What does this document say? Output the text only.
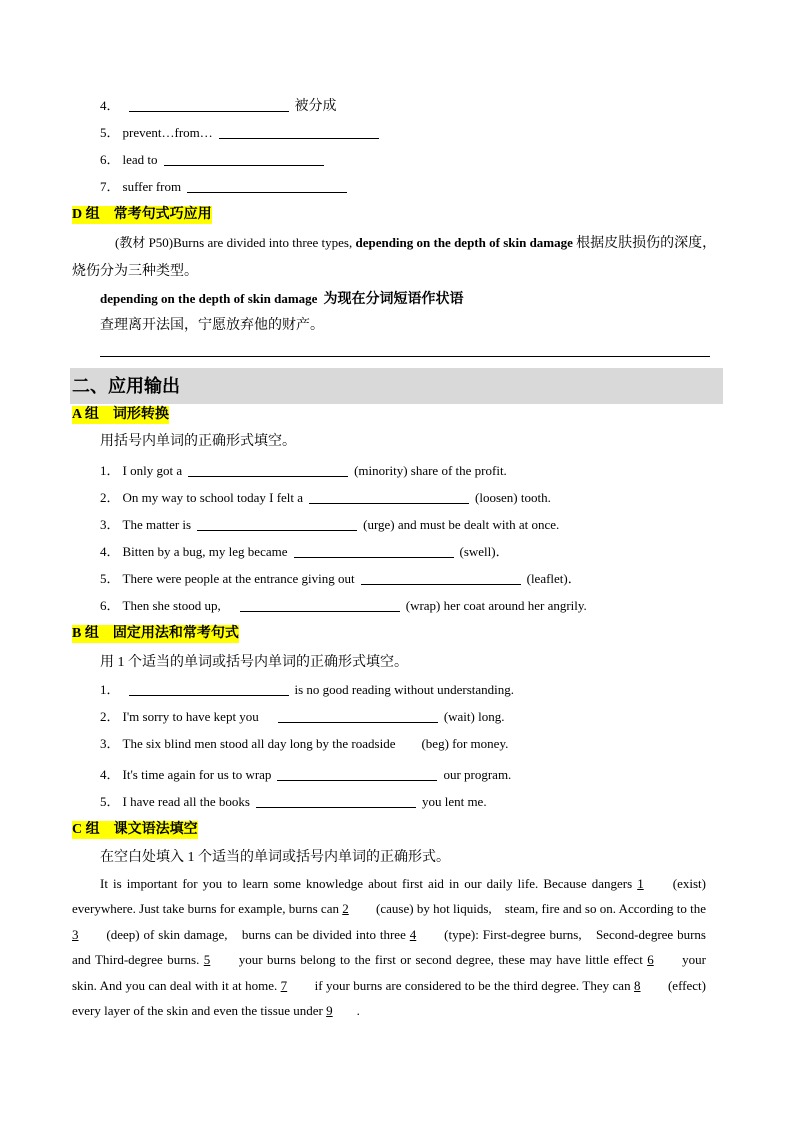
4．	被分成
5． prevent…from…
6． lead to
7． suffer from
D 组　常考句式巧应用

(教材 P50)Burns are divided into three types, depending on the depth of skin damage 根据皮肤损伤的深度，烧伤分为三种类型。

depending on the depth of skin damage 为现在分词短语作状语
查理离开法国，宁愿放弃他的财产。
二、应用输出
A 组　词形转换
用括号内单词的正确形式填空。
1． I only got a	(minority) share of the profit.
2． On my way to school today I felt a	(loosen) tooth.
3． The matter is	(urge) and must be dealt with at once.
4． Bitten by a bug, my leg became	(swell)．
5． There were people at the entrance giving out	(leaflet)．
6． Then she stood up,　	(wrap) her coat around her angrily.
B 组　固定用法和常考句式
用 1 个适当的单词或括号内单词的正确形式填空。
1．	is no good reading without understanding.
2． I'm sorry to have kept you　	(wait) long.
3． The six blind men stood all day long by the roadside　　(beg) for money.
4． It's time again for us to wrap	our program.
5． I have read all the books	you lent me.
C 组　课文语法填空
在空白处填入 1 个适当的单词或括号内单词的正确形式。

It is important for you to learn some knowledge about first aid in our daily life. Because dangers 1 (exist) everywhere. Just take burns for example, burns can 2 (cause) by hot liquids,　steam, fire and so on. According to the 3 (deep) of skin damage,　burns can be divided into three 4 (type): First-degree burns,　Second-degree burns and Third-degree burns. 5 your burns belong to the first or second degree, these may have little effect 6 your skin. And you can deal with it at home. 7 if your burns are considered to be the third degree. They can 8 (effect) every layer of the skin and even the tissue under 9 .
